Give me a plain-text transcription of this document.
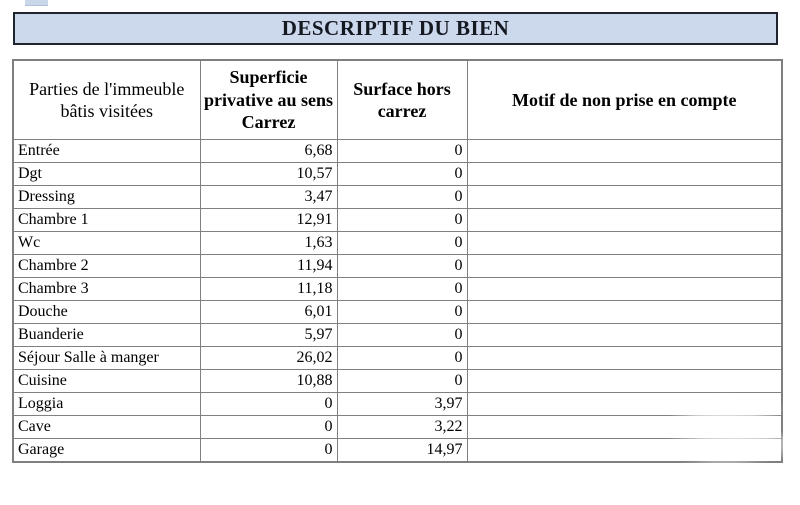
DESCRIPTIF DU BIEN
Parties de l'immeuble bâtis visitées	Superficie privative au sens Carrez	Surface hors carrez	Motif de non prise en compte
Entrée	6,68	0	
Dgt	10,57	0	
Dressing	3,47	0	
Chambre 1	12,91	0	
Wc	1,63	0	
Chambre 2	11,94	0	
Chambre 3	11,18	0	
Douche	6,01	0	
Buanderie	5,97	0	
Séjour Salle à manger	26,02	0	
Cuisine	10,88	0	
Loggia	0	3,97	
Cave	0	3,22	
Garage	0	14,97	
